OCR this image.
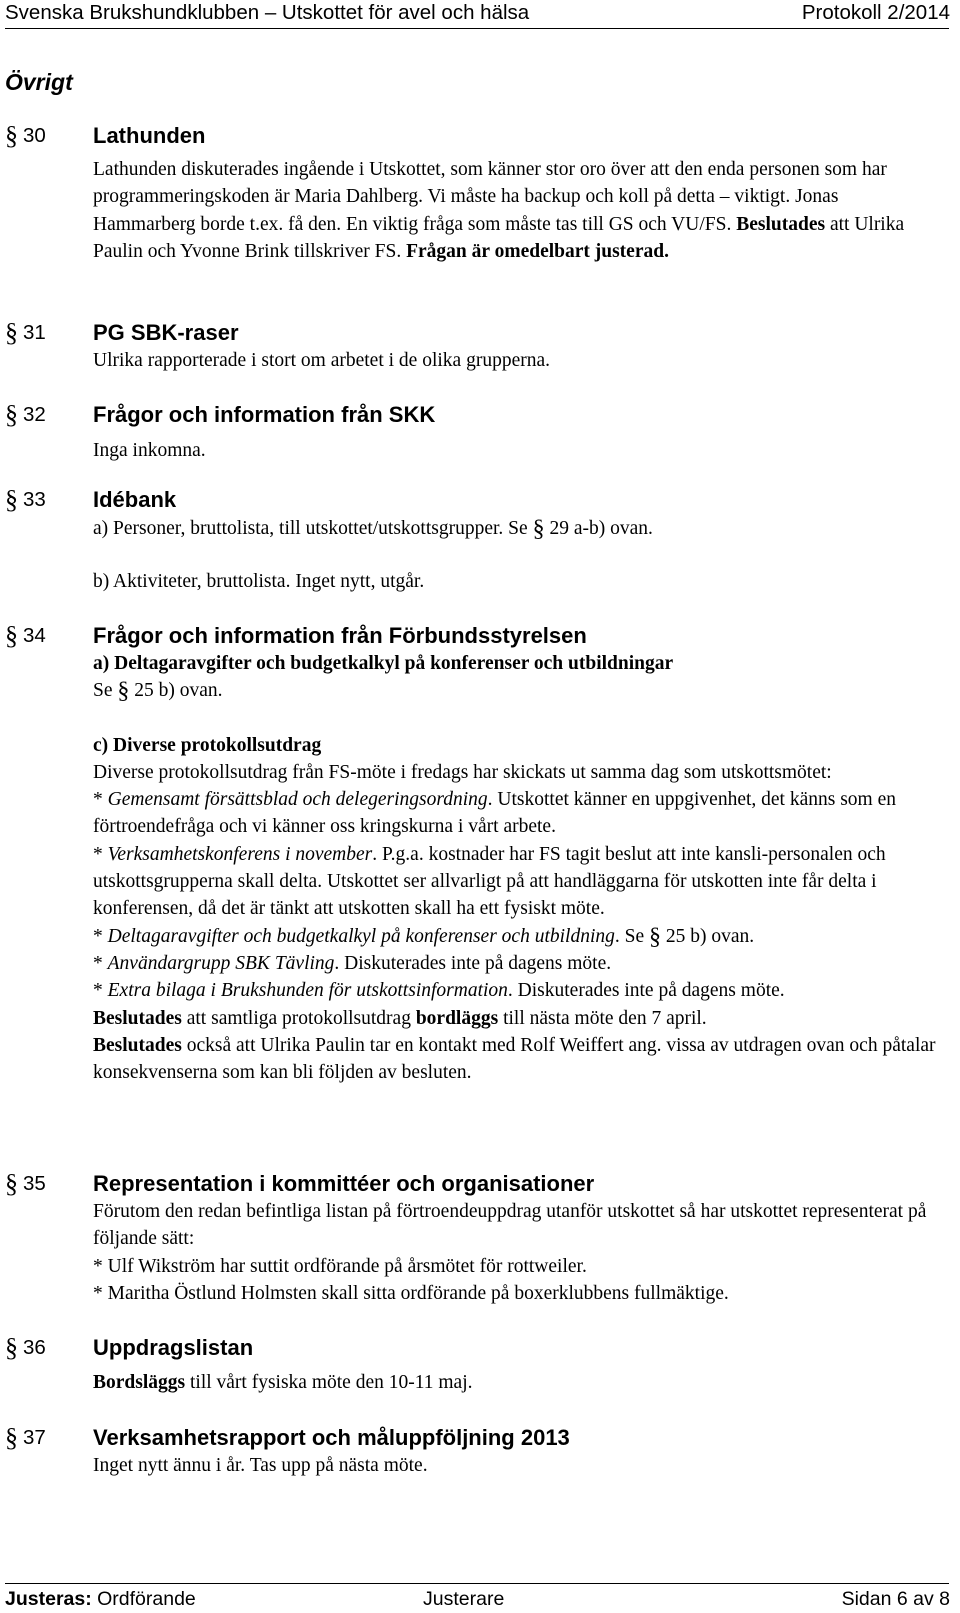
Svenska Brukshundklubben – Utskottet för avel och hälsa	Protokoll 2/2014
Övrigt
§ 30 Lathunden

Lathunden diskuterades ingående i Utskottet, som känner stor oro över att den enda personen som har programmeringskoden är Maria Dahlberg. Vi måste ha backup och koll på detta – viktigt. Jonas Hammarberg borde t.ex. få den. En viktig fråga som måste tas till GS och VU/FS. Beslutades att Ulrika Paulin och Yvonne Brink tillskriver FS. Frågan är omedelbart justerad.

§ 31 PG SBK-raser

Ulrika rapporterade i stort om arbetet i de olika grupperna.

§ 32 Frågor och information från SKK

Inga inkomna.

§ 33 Idébank

a) Personer, bruttolista, till utskottet/utskottsgrupper. Se § 29 a-b) ovan.

b) Aktiviteter, bruttolista. Inget nytt, utgår.

§ 34 Frågor och information från Förbundsstyrelsen

a) Deltagaravgifter och budgetkalkyl på konferenser och utbildningar

Se § 25 b) ovan.

c) Diverse protokollsutdrag

Diverse protokollsutdrag från FS-möte i fredags har skickats ut samma dag som utskottsmötet:

* Gemensamt försättsblad och delegeringsordning. Utskottet känner en uppgivenhet, det känns som en förtroendefråga och vi känner oss kringskurna i vårt arbete.

* Verksamhetskonferens i november. P.g.a. kostnader har FS tagit beslut att inte kansli-personalen och utskottsgrupperna skall delta. Utskottet ser allvarligt på att handläggarna för utskotten inte får delta i konferensen, då det är tänkt att utskotten skall ha ett fysiskt möte.

* Deltagaravgifter och budgetkalkyl på konferenser och utbildning. Se § 25 b) ovan.

* Användargrupp SBK Tävling. Diskuterades inte på dagens möte.

* Extra bilaga i Brukshunden för utskottsinformation. Diskuterades inte på dagens möte.

Beslutades att samtliga protokollsutdrag bordläggs till nästa möte den 7 april.

Beslutades också att Ulrika Paulin tar en kontakt med Rolf Weiffert ang. vissa av utdragen ovan och påtalar konsekvenserna som kan bli följden av besluten.

§ 35 Representation i kommittéer och organisationer

Förutom den redan befintliga listan på förtroendeuppdrag utanför utskottet så har utskottet representerat på följande sätt:

* Ulf Wikström har suttit ordförande på årsmötet för rottweiler.

* Maritha Östlund Holmsten skall sitta ordförande på boxerklubbens fullmäktige.

§ 36 Uppdragslistan

Bordsläggs till vårt fysiska möte den 10-11 maj.

§ 37 Verksamhetsrapport och måluppföljning 2013

Inget nytt ännu i år. Tas upp på nästa möte.

Justeras: Ordförande	Justerare	Sidan 6 av 8
